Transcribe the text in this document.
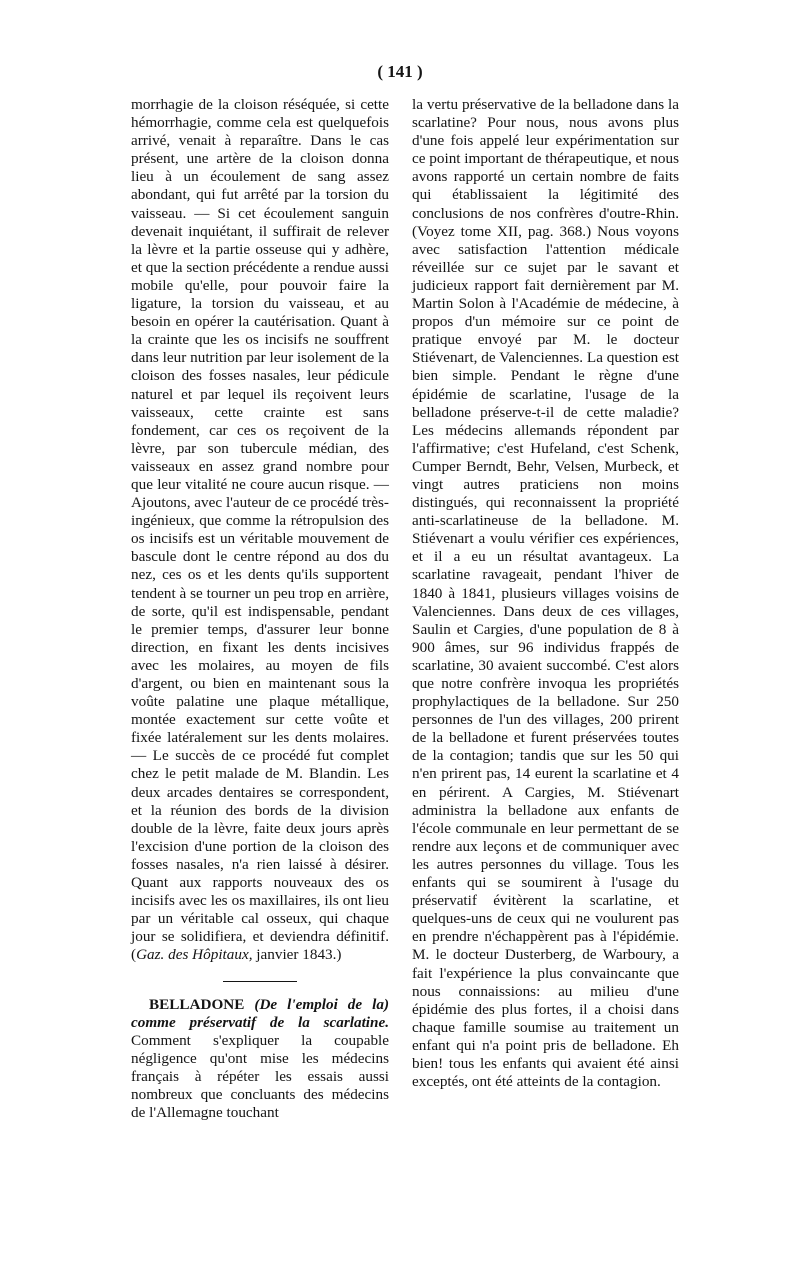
( 141 )

morrhagie de la cloison réséquée, si cette hémorrhagie, comme cela est quelquefois arrivé, venait à reparaître. Dans le cas présent, une artère de la cloison donna lieu à un écoulement de sang assez abondant, qui fut arrêté par la torsion du vaisseau. — Si cet écoulement sanguin devenait inquiétant, il suffirait de relever la lèvre et la partie osseuse qui y adhère, et que la section précédente a rendue aussi mobile qu'elle, pour pouvoir faire la ligature, la torsion du vaisseau, et au besoin en opérer la cautérisation. Quant à la crainte que les os incisifs ne souffrent dans leur nutrition par leur isolement de la cloison des fosses nasales, leur pédicule naturel et par lequel ils reçoivent leurs vaisseaux, cette crainte est sans fondement, car ces os reçoivent de la lèvre, par son tubercule médian, des vaisseaux en assez grand nombre pour que leur vitalité ne coure aucun risque. — Ajoutons, avec l'auteur de ce procédé très-ingénieux, que comme la rétropulsion des os incisifs est un véritable mouvement de bascule dont le centre répond au dos du nez, ces os et les dents qu'ils supportent tendent à se tourner un peu trop en arrière, de sorte, qu'il est indispensable, pendant le premier temps, d'assurer leur bonne direction, en fixant les dents incisives avec les molaires, au moyen de fils d'argent, ou bien en maintenant sous la voûte palatine une plaque métallique, montée exactement sur cette voûte et fixée latéralement sur les dents molaires. — Le succès de ce procédé fut complet chez le petit malade de M. Blandin. Les deux arcades dentaires se correspondent, et la réunion des bords de la division double de la lèvre, faite deux jours après l'excision d'une portion de la cloison des fosses nasales, n'a rien laissé à désirer. Quant aux rapports nouveaux des os incisifs avec les os maxillaires, ils ont lieu par un véritable cal osseux, qui chaque jour se solidifiera, et deviendra définitif. (Gaz. des Hôpitaux, janvier 1843.)

BELLADONE (De l'emploi de la) comme préservatif de la scarlatine. Comment s'expliquer la coupable négligence qu'ont mise les médecins français à répéter les essais aussi nombreux que concluants des médecins de l'Allemagne touchant

la vertu préservative de la belladone dans la scarlatine? Pour nous, nous avons plus d'une fois appelé leur expérimentation sur ce point important de thérapeutique, et nous avons rapporté un certain nombre de faits qui établissaient la légitimité des conclusions de nos confrères d'outre-Rhin. (Voyez tome XII, pag. 368.) Nous voyons avec satisfaction l'attention médicale réveillée sur ce sujet par le savant et judicieux rapport fait dernièrement par M. Martin Solon à l'Académie de médecine, à propos d'un mémoire sur ce point de pratique envoyé par M. le docteur Stiévenart, de Valenciennes. La question est bien simple. Pendant le règne d'une épidémie de scarlatine, l'usage de la belladone préserve-t-il de cette maladie? Les médecins allemands répondent par l'affirmative; c'est Hufeland, c'est Schenk, Cumper Berndt, Behr, Velsen, Murbeck, et vingt autres praticiens non moins distingués, qui reconnaissent la propriété anti-scarlatineuse de la belladone. M. Stiévenart a voulu vérifier ces expériences, et il a eu un résultat avantageux. La scarlatine ravageait, pendant l'hiver de 1840 à 1841, plusieurs villages voisins de Valenciennes. Dans deux de ces villages, Saulin et Cargies, d'une population de 8 à 900 âmes, sur 96 individus frappés de scarlatine, 30 avaient succombé. C'est alors que notre confrère invoqua les propriétés prophylactiques de la belladone. Sur 250 personnes de l'un des villages, 200 prirent de la belladone et furent préservées toutes de la contagion; tandis que sur les 50 qui n'en prirent pas, 14 eurent la scarlatine et 4 en périrent. A Cargies, M. Stiévenart administra la belladone aux enfants de l'école communale en leur permettant de se rendre aux leçons et de communiquer avec les autres personnes du village. Tous les enfants qui se soumirent à l'usage du préservatif évitèrent la scarlatine, et quelques-uns de ceux qui ne voulurent pas en prendre n'échappèrent pas à l'épidémie. M. le docteur Dusterberg, de Warboury, a fait l'expérience la plus convaincante que nous connaissions: au milieu d'une épidémie des plus fortes, il a choisi dans chaque famille soumise au traitement un enfant qui n'a point pris de belladone. Eh bien! tous les enfants qui avaient été ainsi exceptés, ont été atteints de la contagion.
